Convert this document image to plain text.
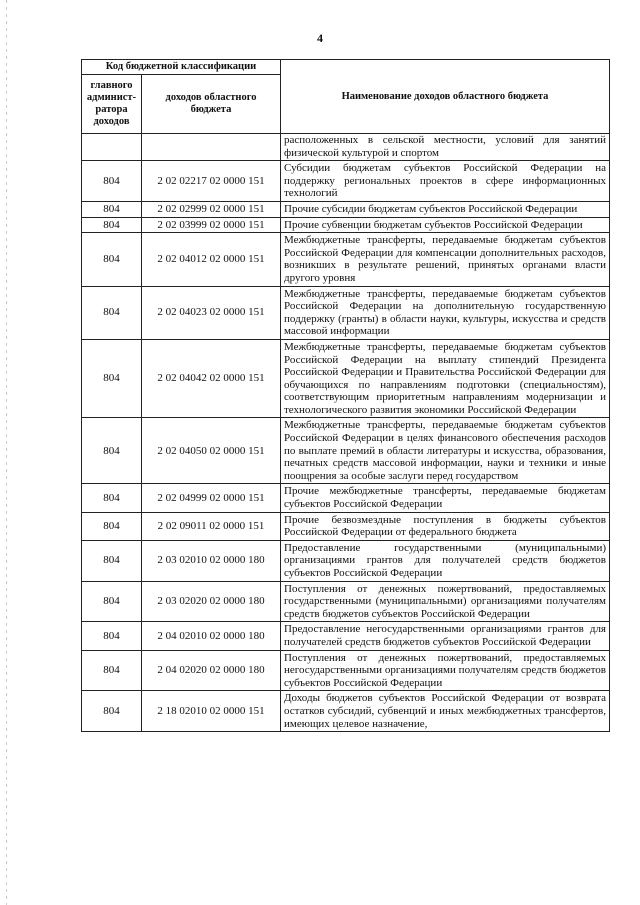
4
Код бюджетной классификации		Наименование доходов областного бюджета
главного админист-ратора доходов	доходов областного бюджета	
		расположенных в сельской местности, условий для занятий физической культурой и спортом
804	2 02 02217 02 0000 151	Субсидии бюджетам субъектов Российской Федерации на поддержку региональных проектов в сфере информационных технологий
804	2 02 02999 02 0000 151	Прочие субсидии бюджетам субъектов Российской Федерации
804	2 02 03999 02 0000 151	Прочие субвенции бюджетам субъектов Российской Федерации
804	2 02 04012 02 0000 151	Межбюджетные трансферты, передаваемые бюджетам субъектов Российской Федерации для компенсации дополнительных расходов, возникших в результате решений, принятых органами власти другого уровня
804	2 02 04023 02 0000 151	Межбюджетные трансферты, передаваемые бюджетам субъектов Российской Федерации на дополнительную государственную поддержку (гранты) в области науки, культуры, искусства и средств массовой информации
804	2 02 04042 02 0000 151	Межбюджетные трансферты, передаваемые бюджетам субъектов Российской Федерации на выплату стипендий Президента Российской Федерации и Правительства Российской Федерации для обучающихся по направлениям подготовки (специальностям), соответствующим приоритетным направлениям модернизации и технологического развития экономики Российской Федерации
804	2 02 04050 02 0000 151	Межбюджетные трансферты, передаваемые бюджетам субъектов Российской Федерации в целях финансового обеспечения расходов по выплате премий в области литературы и искусства, образования, печатных средств массовой информации, науки и техники и иные поощрения за особые заслуги перед государством
804	2 02 04999 02 0000 151	Прочие межбюджетные трансферты, передаваемые бюджетам субъектов Российской Федерации
804	2 02 09011 02 0000 151	Прочие безвозмездные поступления в бюджеты субъектов Российской Федерации от федерального бюджета
804	2 03 02010 02 0000 180	Предоставление государственными (муниципальными) организациями грантов для получателей средств бюджетов субъектов Российской Федерации
804	2 03 02020 02 0000 180	Поступления от денежных пожертвований, предоставляемых государственными (муниципальными) организациями получателям средств бюджетов субъектов Российской Федерации
804	2 04 02010 02 0000 180	Предоставление негосударственными организациями грантов для получателей средств бюджетов субъектов Российской Федерации
804	2 04 02020 02 0000 180	Поступления от денежных пожертвований, предоставляемых негосударственными организациями получателям средств бюджетов субъектов Российской Федерации
804	2 18 02010 02 0000 151	Доходы бюджетов субъектов Российской Федерации от возврата остатков субсидий, субвенций и иных межбюджетных трансфертов, имеющих целевое назначение,
